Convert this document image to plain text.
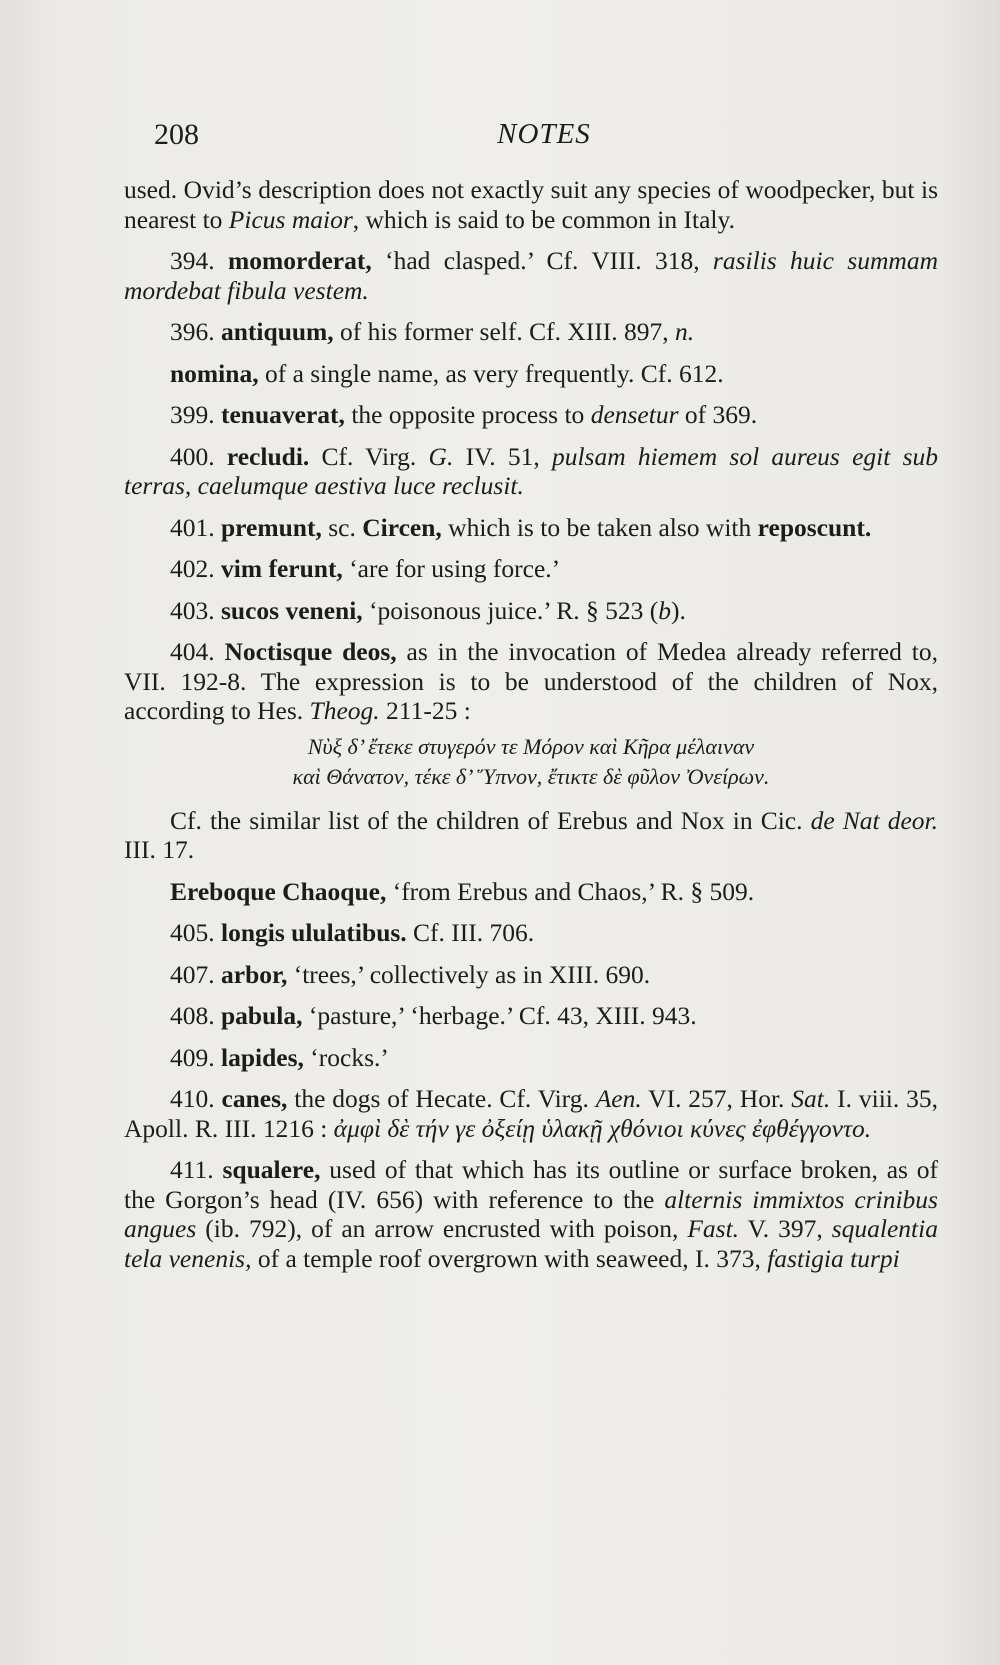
208	NOTES

used. Ovid’s description does not exactly suit any species of woodpecker, but is nearest to Picus maior, which is said to be common in Italy.

394. momorderat, ‘had clasped.’ Cf. VIII. 318, rasilis huic summam mordebat fibula vestem.

396. antiquum, of his former self. Cf. XIII. 897, n.

nomina, of a single name, as very frequently. Cf. 612.

399. tenuaverat, the opposite process to densetur of 369.

400. recludi. Cf. Virg. G. IV. 51, pulsam hiemem sol aureus egit sub terras, caelumque aestiva luce reclusit.

401. premunt, sc. Circen, which is to be taken also with reposcunt.

402. vim ferunt, ‘are for using force.’

403. sucos veneni, ‘poisonous juice.’ R. § 523 (b).

404. Noctisque deos, as in the invocation of Medea already referred to, VII. 192-8. The expression is to be understood of the children of Nox, according to Hes. Theog. 211-25 :

Νὺξ δ’ ἔτεκε στυγερόν τε Μόρον καὶ Κῆρα μέλαιναν
καὶ Θάνατον, τέκε δ’ Ὕπνον, ἔτικτε δὲ φῦλον Ὀνείρων.

Cf. the similar list of the children of Erebus and Nox in Cic. de Nat deor. III. 17.

Ereboque Chaoque, ‘from Erebus and Chaos,’ R. § 509.

405. longis ululatibus. Cf. III. 706.

407. arbor, ‘trees,’ collectively as in XIII. 690.

408. pabula, ‘pasture,’ ‘herbage.’ Cf. 43, XIII. 943.

409. lapides, ‘rocks.’

410. canes, the dogs of Hecate. Cf. Virg. Aen. VI. 257, Hor. Sat. I. viii. 35, Apoll. R. III. 1216 : ἀμφὶ δὲ τήν γε ὀξείῃ ὑλακῇ χθόνιοι κύνες ἐφθέγγοντο.

411. squalere, used of that which has its outline or surface broken, as of the Gorgon’s head (IV. 656) with reference to the alternis immixtos crinibus angues (ib. 792), of an arrow encrusted with poison, Fast. V. 397, squalentia tela venenis, of a temple roof overgrown with seaweed, I. 373, fastigia turpi
